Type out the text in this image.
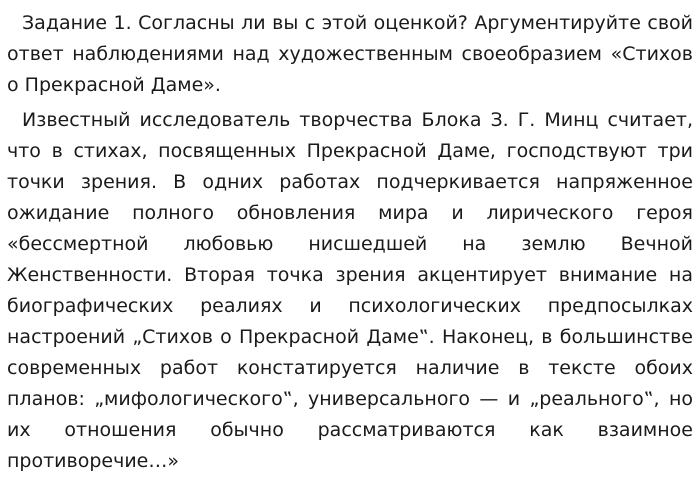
Задание 1. Согласны ли вы с этой оценкой? Аргументируйте свой ответ наблюдениями над художественным своеобразием «Стихов о Прекрасной Даме».

Известный исследователь творчества Блока З. Г. Минц считает, что в стихах, посвященных Прекрасной Даме, господствуют три точки зрения. В одних работах подчеркивается напряженное ожидание полного обновления мира и лирического героя «бессмертной любовью нисшедшей на землю Вечной Женственности. Вторая точка зрения акцентирует внимание на биографических реалиях и психологических предпосылках настроений „Стихов о Прекрасной Даме‟. Наконец, в большинстве современных работ констатируется наличие в тексте обоих планов: „мифологического‟, универсального — и „реального‟, но их отношения обычно рассматриваются как взаимное противоречие…»
